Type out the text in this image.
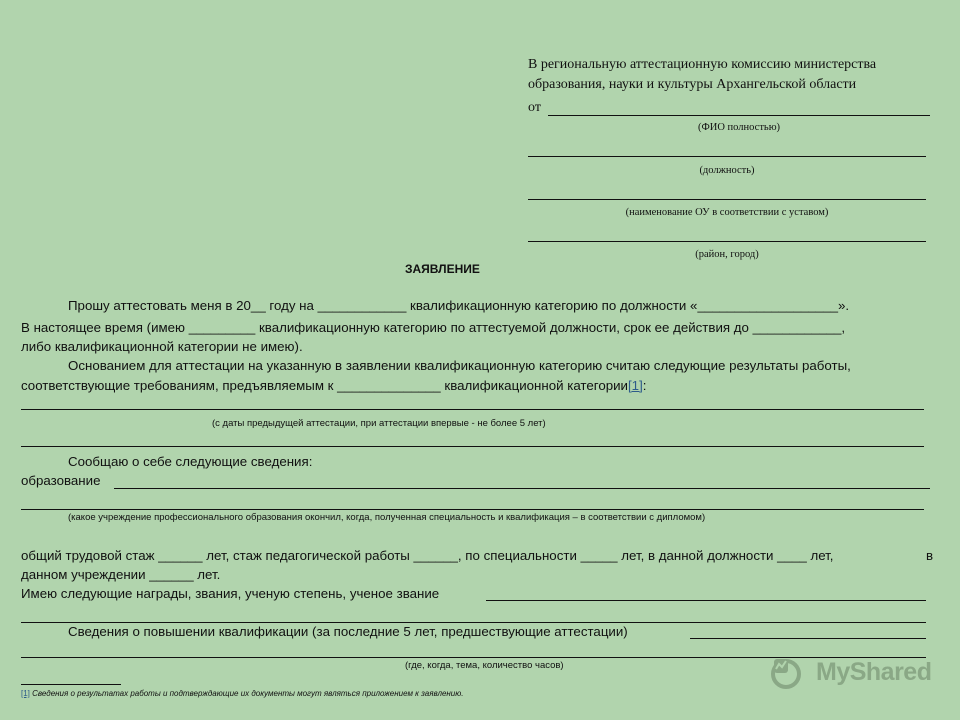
В региональную аттестационную комиссию министерства
образования, науки и культуры Архангельской области
от
(ФИО полностью)
(должность)
(наименование ОУ в соответствии с уставом)
(район, город)
ЗАЯВЛЕНИЕ
Прошу аттестовать меня в 20__ году на ____________ квалификационную категорию по должности «___________________».
В настоящее время (имею _________ квалификационную категорию по аттестуемой должности, срок ее действия до ____________,
либо квалификационной категории не имею).
Основанием для аттестации на указанную в заявлении квалификационную категорию считаю следующие результаты работы,
соответствующие требованиям, предъявляемым к ______________ квалификационной категории[1]:
(с даты предыдущей аттестации, при аттестации впервые - не более 5 лет)
Сообщаю о себе следующие сведения:
образование
(какое учреждение профессионального образования окончил, когда, полученная специальность и квалификация – в соответствии с дипломом)
общий трудовой стаж ______ лет, стаж педагогической работы ______, по специальности _____ лет, в данной должности ____ лет,	в
данном учреждении ______ лет.
Имею следующие награды, звания, ученую степень, ученое звание
Сведения о повышении квалификации (за последние 5 лет, предшествующие аттестации)
(где, когда, тема, количество часов)
[1] Сведения о результатах работы и подтверждающие их документы могут являться приложением к заявлению.
MyShared
